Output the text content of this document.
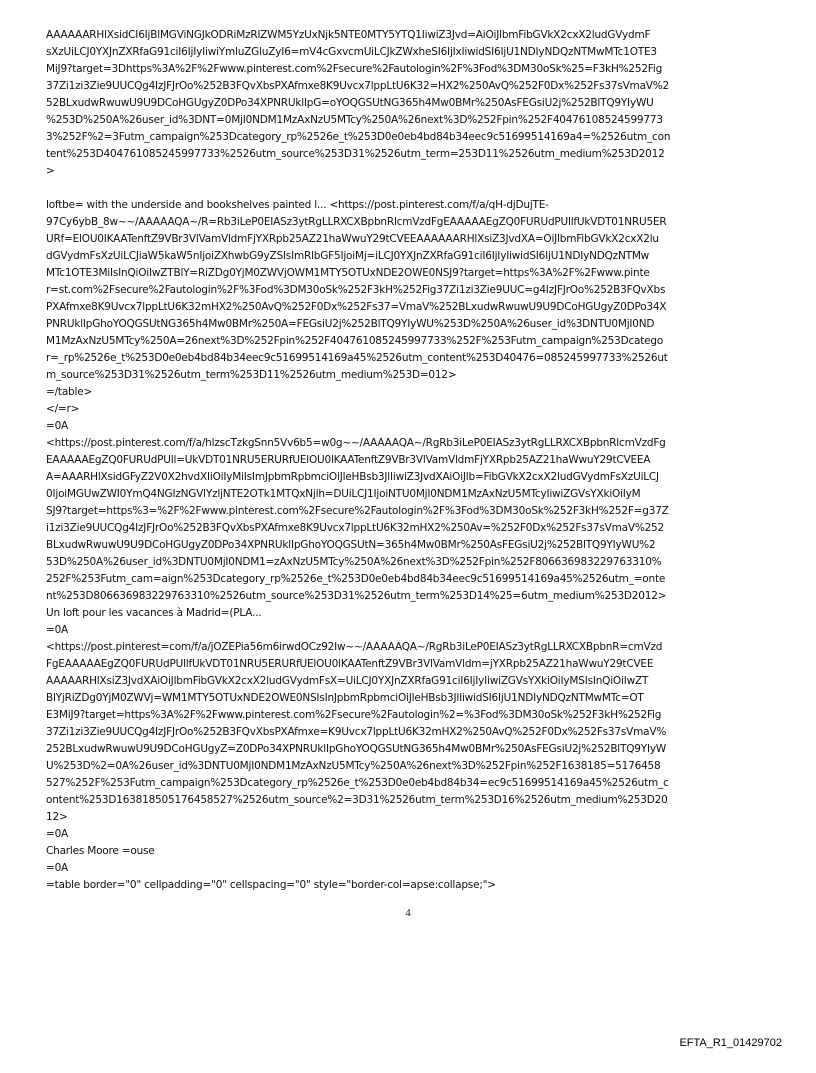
AAAAAARHlXsidCI6IjBlMGViNGJkODRiMzRlZWM5YzUxNjk5NTE0MTY5YTQ1IiwiZ3Jvd=AiOiJlbmFibGVkX2cxX2ludGVydmF
sXzUiLCJ0YXJnZXRfaG91ciI6IjIyIiwiYmluZGluZyI6=mV4cGxvcmUiLCJkZWxheSI6IjIxIiwidSI6IjU1NDIyNDQzNTMwMTc1OTE3
MiJ9?target=3Dhttps%3A%2F%2Fwww.pinterest.com%2Fsecure%2Fautologin%2F%3Fod%3DM30oSk%25=F3kH%252Fig
37Zi1zi3Zie9UUCQg4IzJFJrOo%252B3FQvXbsPXAfmxe8K9Uvcx7lppLtU6K32=HX2%250AvQ%252F0Dx%252Fs37sVmaV%2
52BLxudwRwuwU9U9DCoHGUgyZ0DPo34XPNRUklIpG=oYOQGSUtNG365h4Mw0BMr%250AsFEGsiU2j%252BlTQ9YIyWU
%253D%250A%26user_id%3DNT=0MjI0NDM1MzAxNzU5MTcy%250A%26next%3D%252Fpin%252F40476108524599773
3%252F%2=3Futm_campaign%253Dcategory_rp%2526e_t%253D0e0eb4bd84b34eec9c51699514169a4=%2526utm_con
tent%253D404761085245997733%2526utm_source%253D31%2526utm_term=253D11%2526utm_medium%253D2012
>
loftbe= with the underside and bookshelves painted l... <https://post.pinterest.com/f/a/qH-djDujTE-
97Cy6ybB_8w~~/AAAAAQA~/R=Rb3iLeP0EIASz3ytRgLLRXCXBpbnRlcmVzdFgEAAAAAEgZQ0FURUdPUllfUkVDT01NRU5ER
URf=ElOU0IKAATenftZ9VBr3VlVamVldmFjYXRpb25AZ21haWwuY29tCVEEAAAAAARHlXsiZ3JvdXA=OiJlbmFibGVkX2cxX2lu
dGVydmFsXzUiLCJiaW5kaW5nIjoiZXhwbG9yZSIsImRlbGF5IjoiMj=iLCJ0YXJnZXRfaG91ciI6IjIyIiwidSI6IjU1NDIyNDQzNTMw
MTc1OTE3MiIsInQiOiIwZTBlY=RiZDg0YjM0ZWVjOWM1MTY5OTUxNDE2OWE0NSJ9?target=https%3A%2F%2Fwww.pinte
r=st.com%2Fsecure%2Fautologin%2F%3Fod%3DM30oSk%252F3kH%252Fig37Zi1zi3Zie9UUC=g4IzJFJrOo%252B3FQvXbs
PXAfmxe8K9Uvcx7lppLtU6K32mHX2%250AvQ%252F0Dx%252Fs37=VmaV%252BLxudwRwuwU9U9DCoHGUgyZ0DPo34X
PNRUklIpGhoYOQGSUtNG365h4Mw0BMr%250A=FEGsiU2j%252BlTQ9YIyWU%253D%250A%26user_id%3DNTU0MjI0ND
M1MzAxNzU5MTcy%250A=26next%3D%252Fpin%252F404761085245997733%252F%253Futm_campaign%253Dcatego
r=_rp%2526e_t%253D0e0eb4bd84b34eec9c51699514169a45%2526utm_content%253D40476=085245997733%2526ut
m_source%253D31%2526utm_term%253D11%2526utm_medium%253D=012>
=/table>
</=r>
=0A
<https://post.pinterest.com/f/a/hlzscTzkgSnn5Vv6b5=w0g~~/AAAAAQA~/RgRb3iLeP0EIASz3ytRgLLRXCXBpbnRlcmVzdFg
EAAAAAEgZQ0FURUdPUll=UkVDT01NRU5ERURfUElOU0lKAATenftZ9VBr3VlVamVldmFjYXRpb25AZ21haWwuY29tCVEEA
A=AAARHlXsidGFyZ2V0X2hvdXIiOiIyMiIsImJpbmRpbmciOiJleHBsb3JlIiwiZ3JvdXAiOiJlb=FibGVkX2cxX2ludGVydmFsXzUiLCJ
0IjoiMGUwZWI0YmQ4NGIzNGVlYzljNTE2OTk1MTQxNjlh=DUiLCJ1IjoiNTU0MjI0NDM1MzAxNzU5MTcyIiwiZGVsYXkiOiIyM
SJ9?target=https%3=%2F%2Fwww.pinterest.com%2Fsecure%2Fautologin%2F%3Fod%3DM30oSk%252F3kH%252F=g37Z
i1zi3Zie9UUCQg4IzJFJrOo%252B3FQvXbsPXAfmxe8K9Uvcx7lppLtU6K32mHX2%250Av=%252F0Dx%252Fs37sVmaV%252
BLxudwRwuwU9U9DCoHGUgyZ0DPo34XPNRUklIpGhoYOQGSUtN=365h4Mw0BMr%250AsFEGsiU2j%252BlTQ9YIyWU%2
53D%250A%26user_id%3DNTU0MjI0NDM1=zAxNzU5MTcy%250A%26next%3D%252Fpin%252F806636983229763310%
252F%253Futm_cam=aign%253Dcategory_rp%2526e_t%253D0e0eb4bd84b34eec9c51699514169a45%2526utm_=onte
nt%253D806636983229763310%2526utm_source%253D31%2526utm_term%253D14%25=6utm_medium%253D2012>
Un loft pour les vacances à Madrid=(PLA...
=0A
<https://post.pinterest=com/f/a/jOZEPia56m6irwdOCz92Iw~~/AAAAAQA~/RgRb3iLeP0EIASz3ytRgLLRXCXBpbnR=cmVzd
FgEAAAAAEgZQ0FURUdPUllfUkVDT01NRU5ERURfUElOU0lKAATenftZ9VBr3VlVamVldm=jYXRpb25AZ21haWwuY29tCVEE
AAAAARHlXsiZ3JvdXAiOiJlbmFibGVkX2cxX2ludGVydmFsX=UiLCJ0YXJnZXRfaG91ciI6IjIyIiwiZGVsYXkiOiIyMSIsInQiOiIwZT
BlYjRiZDg0YjM0ZWVj=WM1MTY5OTUxNDE2OWE0NSIsInJpbmRpbmciOiJleHBsb3JlIiwidSI6IjU1NDIyNDQzNTMwMTc=OT
E3MiJ9?target=https%3A%2F%2Fwww.pinterest.com%2Fsecure%2Fautologin%2=%3Fod%3DM30oSk%252F3kH%252Fig
37Zi1zi3Zie9UUCQg4IzJFJrOo%252B3FQvXbsPXAfmxe=K9Uvcx7lppLtU6K32mHX2%250AvQ%252F0Dx%252Fs37sVmaV%
252BLxudwRwuwU9U9DCoHGUgyZ=Z0DPo34XPNRUklIpGhoYOQGSUtNG365h4Mw0BMr%250AsFEGsiU2j%252BlTQ9YIyW
U%253D%2=0A%26user_id%3DNTU0MjI0NDM1MzAxNzU5MTcy%250A%26next%3D%252Fpin%252F1638185=5176458
527%252F%253Futm_campaign%253Dcategory_rp%2526e_t%253D0e0eb4bd84b34=ec9c51699514169a45%2526utm_c
ontent%253D163818505176458527%2526utm_source%2=3D31%2526utm_term%253D16%2526utm_medium%253D20
12>
=0A
Charles Moore =ouse
=0A
=table border="0" cellpadding="0" cellspacing="0" style="border-col=apse:collapse;">
4
EFTA_R1_01429702
